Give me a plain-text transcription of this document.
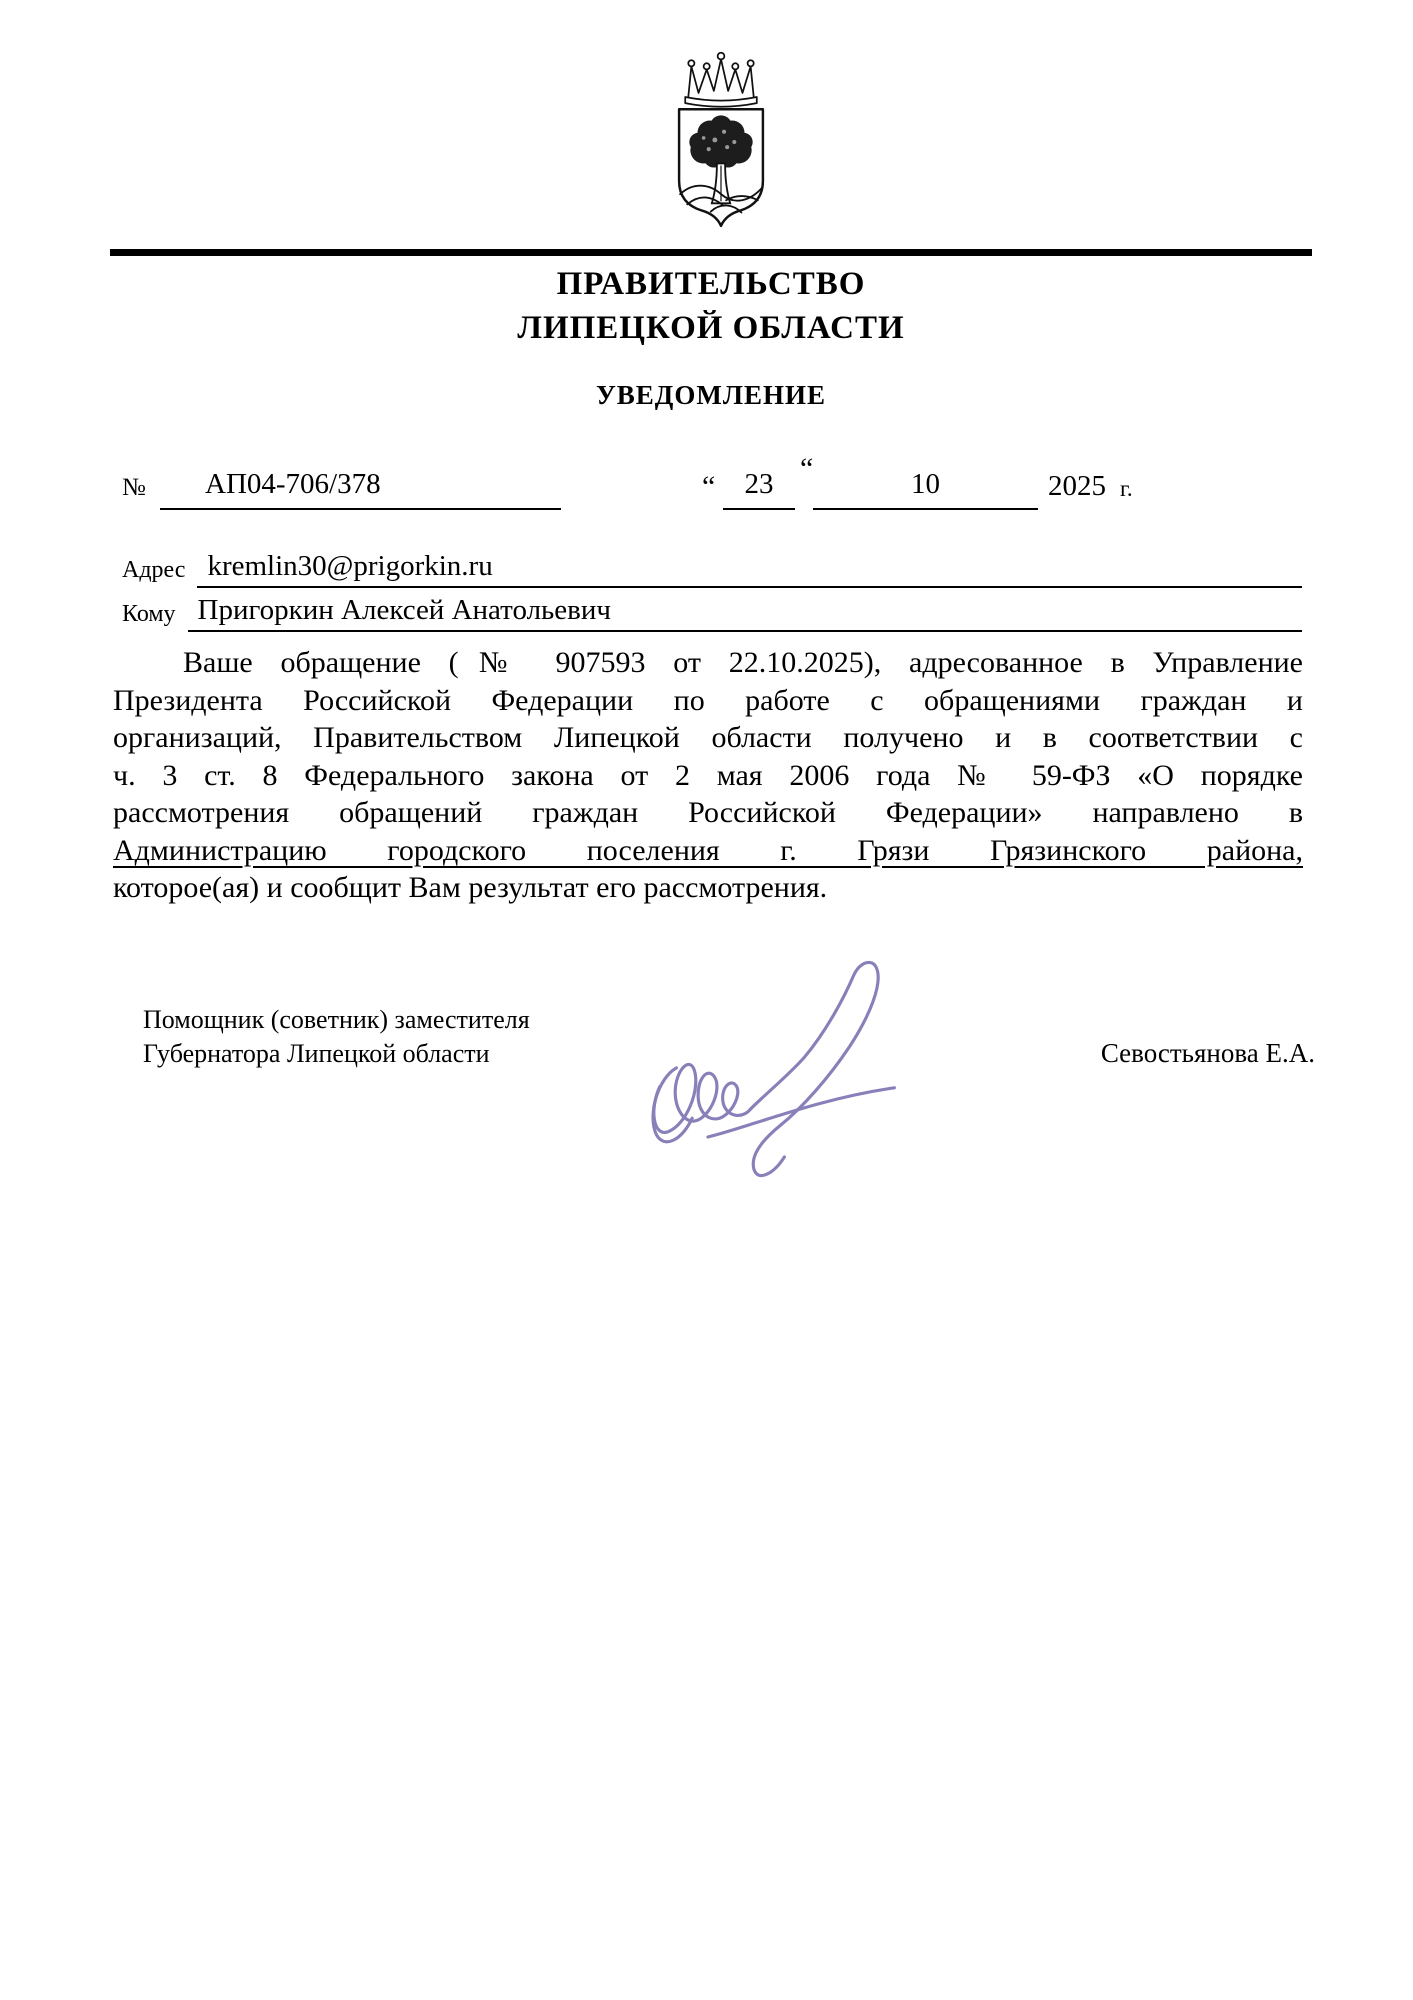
ПРАВИТЕЛЬСТВО
ЛИПЕЦКОЙ ОБЛАСТИ
УВЕДОМЛЕНИЕ
№	АП04-706/378	“	23 “	10	2025 г.
Адрес kremlin30@prigorkin.ru
Кому Пригоркин Алексей Анатольевич
Ваше обращение (№ 907593 от 22.10.2025), адресованное в Управление
Президента Российской Федерации по работе с обращениями граждан и
организаций, Правительством Липецкой области получено и в соответствии с
ч. 3 ст. 8 Федерального закона от 2 мая 2006 года № 59-ФЗ «О порядке
рассмотрения обращений граждан Российской Федерации» направлено в
Администрацию городского поселения г. Грязи Грязинского района,
которое(ая) и сообщит Вам результат его рассмотрения.
Помощник (советник) заместителя
Губернатора Липецкой области	Севостьянова Е.А.
